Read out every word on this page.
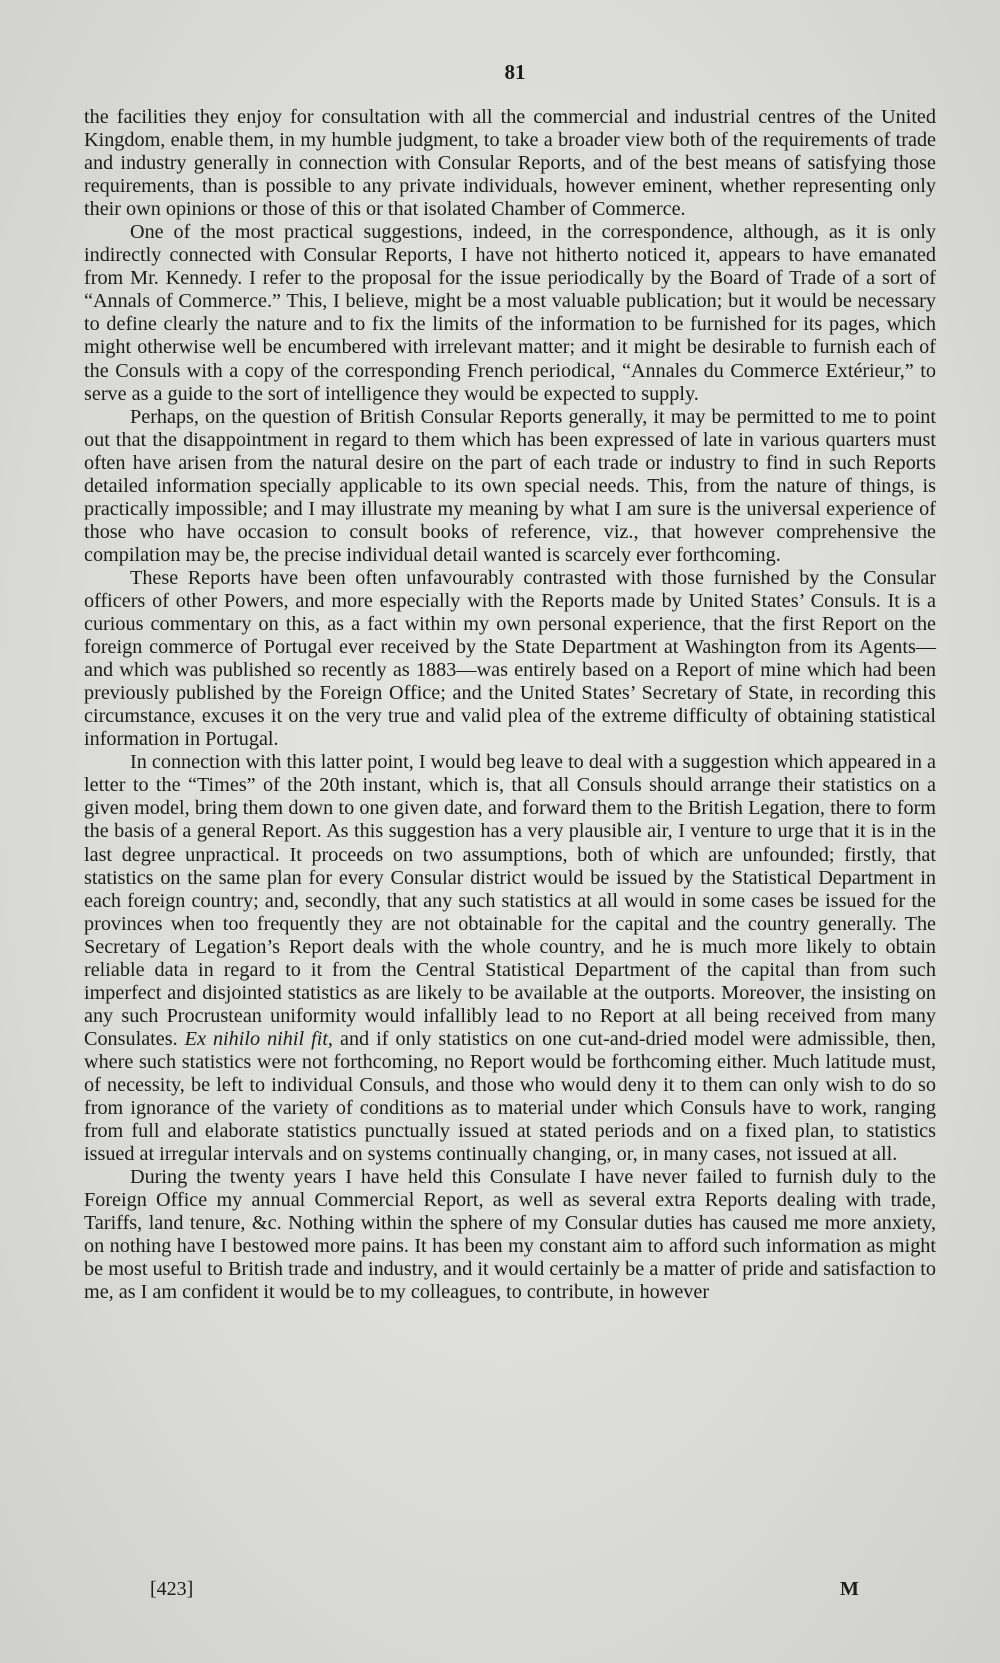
81

the facilities they enjoy for consultation with all the commercial and industrial centres of the United Kingdom, enable them, in my humble judgment, to take a broader view both of the requirements of trade and industry generally in connection with Consular Reports, and of the best means of satisfying those requirements, than is possible to any private individuals, however eminent, whether representing only their own opinions or those of this or that isolated Chamber of Commerce.

One of the most practical suggestions, indeed, in the correspondence, although, as it is only indirectly connected with Consular Reports, I have not hitherto noticed it, appears to have emanated from Mr. Kennedy. I refer to the proposal for the issue periodically by the Board of Trade of a sort of “Annals of Commerce.” This, I believe, might be a most valuable publication; but it would be necessary to define clearly the nature and to fix the limits of the information to be furnished for its pages, which might otherwise well be encumbered with irrelevant matter; and it might be desirable to furnish each of the Consuls with a copy of the corresponding French periodical, “Annales du Commerce Extérieur,” to serve as a guide to the sort of intelligence they would be expected to supply.

Perhaps, on the question of British Consular Reports generally, it may be permitted to me to point out that the disappointment in regard to them which has been expressed of late in various quarters must often have arisen from the natural desire on the part of each trade or industry to find in such Reports detailed information specially applicable to its own special needs. This, from the nature of things, is practically impossible; and I may illustrate my meaning by what I am sure is the universal experience of those who have occasion to consult books of reference, viz., that however comprehensive the compilation may be, the precise individual detail wanted is scarcely ever forthcoming.

These Reports have been often unfavourably contrasted with those furnished by the Consular officers of other Powers, and more especially with the Reports made by United States’ Consuls. It is a curious commentary on this, as a fact within my own personal experience, that the first Report on the foreign commerce of Portugal ever received by the State Department at Washington from its Agents—and which was published so recently as 1883—was entirely based on a Report of mine which had been previously published by the Foreign Office; and the United States’ Secretary of State, in recording this circumstance, excuses it on the very true and valid plea of the extreme difficulty of obtaining statistical information in Portugal.

In connection with this latter point, I would beg leave to deal with a suggestion which appeared in a letter to the “Times” of the 20th instant, which is, that all Consuls should arrange their statistics on a given model, bring them down to one given date, and forward them to the British Legation, there to form the basis of a general Report. As this suggestion has a very plausible air, I venture to urge that it is in the last degree unpractical. It proceeds on two assumptions, both of which are unfounded; firstly, that statistics on the same plan for every Consular district would be issued by the Statistical Department in each foreign country; and, secondly, that any such statistics at all would in some cases be issued for the provinces when too frequently they are not obtainable for the capital and the country generally. The Secretary of Legation’s Report deals with the whole country, and he is much more likely to obtain reliable data in regard to it from the Central Statistical Department of the capital than from such imperfect and disjointed statistics as are likely to be available at the outports. Moreover, the insisting on any such Procrustean uniformity would infallibly lead to no Report at all being received from many Consulates. Ex nihilo nihil fit, and if only statistics on one cut-and-dried model were admissible, then, where such statistics were not forthcoming, no Report would be forthcoming either. Much latitude must, of necessity, be left to individual Consuls, and those who would deny it to them can only wish to do so from ignorance of the variety of conditions as to material under which Consuls have to work, ranging from full and elaborate statistics punctually issued at stated periods and on a fixed plan, to statistics issued at irregular intervals and on systems continually changing, or, in many cases, not issued at all.

During the twenty years I have held this Consulate I have never failed to furnish duly to the Foreign Office my annual Commercial Report, as well as several extra Reports dealing with trade, Tariffs, land tenure, &c. Nothing within the sphere of my Consular duties has caused me more anxiety, on nothing have I bestowed more pains. It has been my constant aim to afford such information as might be most useful to British trade and industry, and it would certainly be a matter of pride and satisfaction to me, as I am confident it would be to my colleagues, to contribute, in however

[423]	M
